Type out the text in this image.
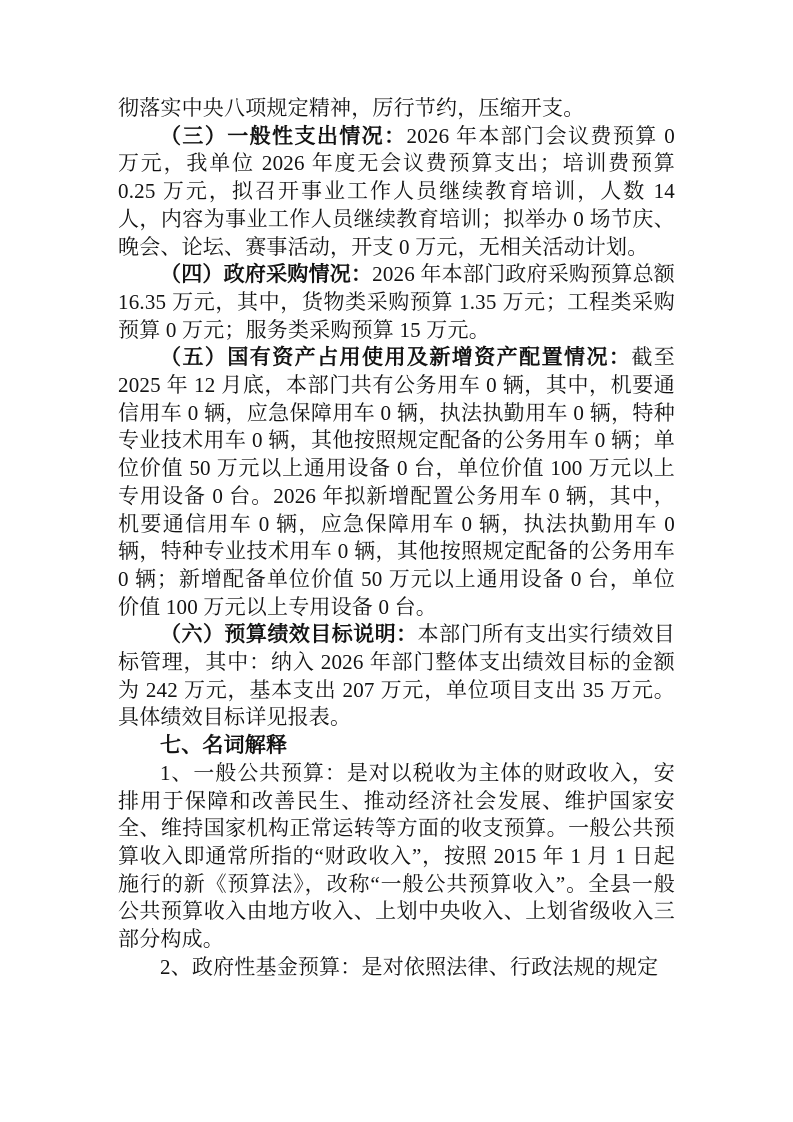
彻落实中央八项规定精神，厉行节约，压缩开支。

（三）一般性支出情况：2026 年本部门会议费预算 0 万元，我单位 2026 年度无会议费预算支出；培训费预算 0.25 万元，拟召开事业工作人员继续教育培训，人数 14 人，内容为事业工作人员继续教育培训；拟举办 0 场节庆、晚会、论坛、赛事活动，开支 0 万元，无相关活动计划。

（四）政府采购情况：2026 年本部门政府采购预算总额 16.35 万元，其中，货物类采购预算 1.35 万元；工程类采购预算 0 万元；服务类采购预算 15 万元。

（五）国有资产占用使用及新增资产配置情况：截至 2025 年 12 月底，本部门共有公务用车 0 辆，其中，机要通信用车 0 辆，应急保障用车 0 辆，执法执勤用车 0 辆，特种专业技术用车 0 辆，其他按照规定配备的公务用车 0 辆；单位价值 50 万元以上通用设备 0 台，单位价值 100 万元以上专用设备 0 台。2026 年拟新增配置公务用车 0 辆，其中，机要通信用车 0 辆，应急保障用车 0 辆，执法执勤用车 0 辆，特种专业技术用车 0 辆，其他按照规定配备的公务用车 0 辆；新增配备单位价值 50 万元以上通用设备 0 台，单位价值 100 万元以上专用设备 0 台。

（六）预算绩效目标说明：本部门所有支出实行绩效目标管理，其中：纳入 2026 年部门整体支出绩效目标的金额为 242 万元，基本支出 207 万元，单位项目支出 35 万元。具体绩效目标详见报表。

七、名词解释

1、一般公共预算：是对以税收为主体的财政收入，安排用于保障和改善民生、推动经济社会发展、维护国家安全、维持国家机构正常运转等方面的收支预算。一般公共预算收入即通常所指的“财政收入”，按照 2015 年 1 月 1 日起施行的新《预算法》，改称“一般公共预算收入”。全县一般公共预算收入由地方收入、上划中央收入、上划省级收入三部分构成。

2、政府性基金预算：是对依照法律、行政法规的规定
